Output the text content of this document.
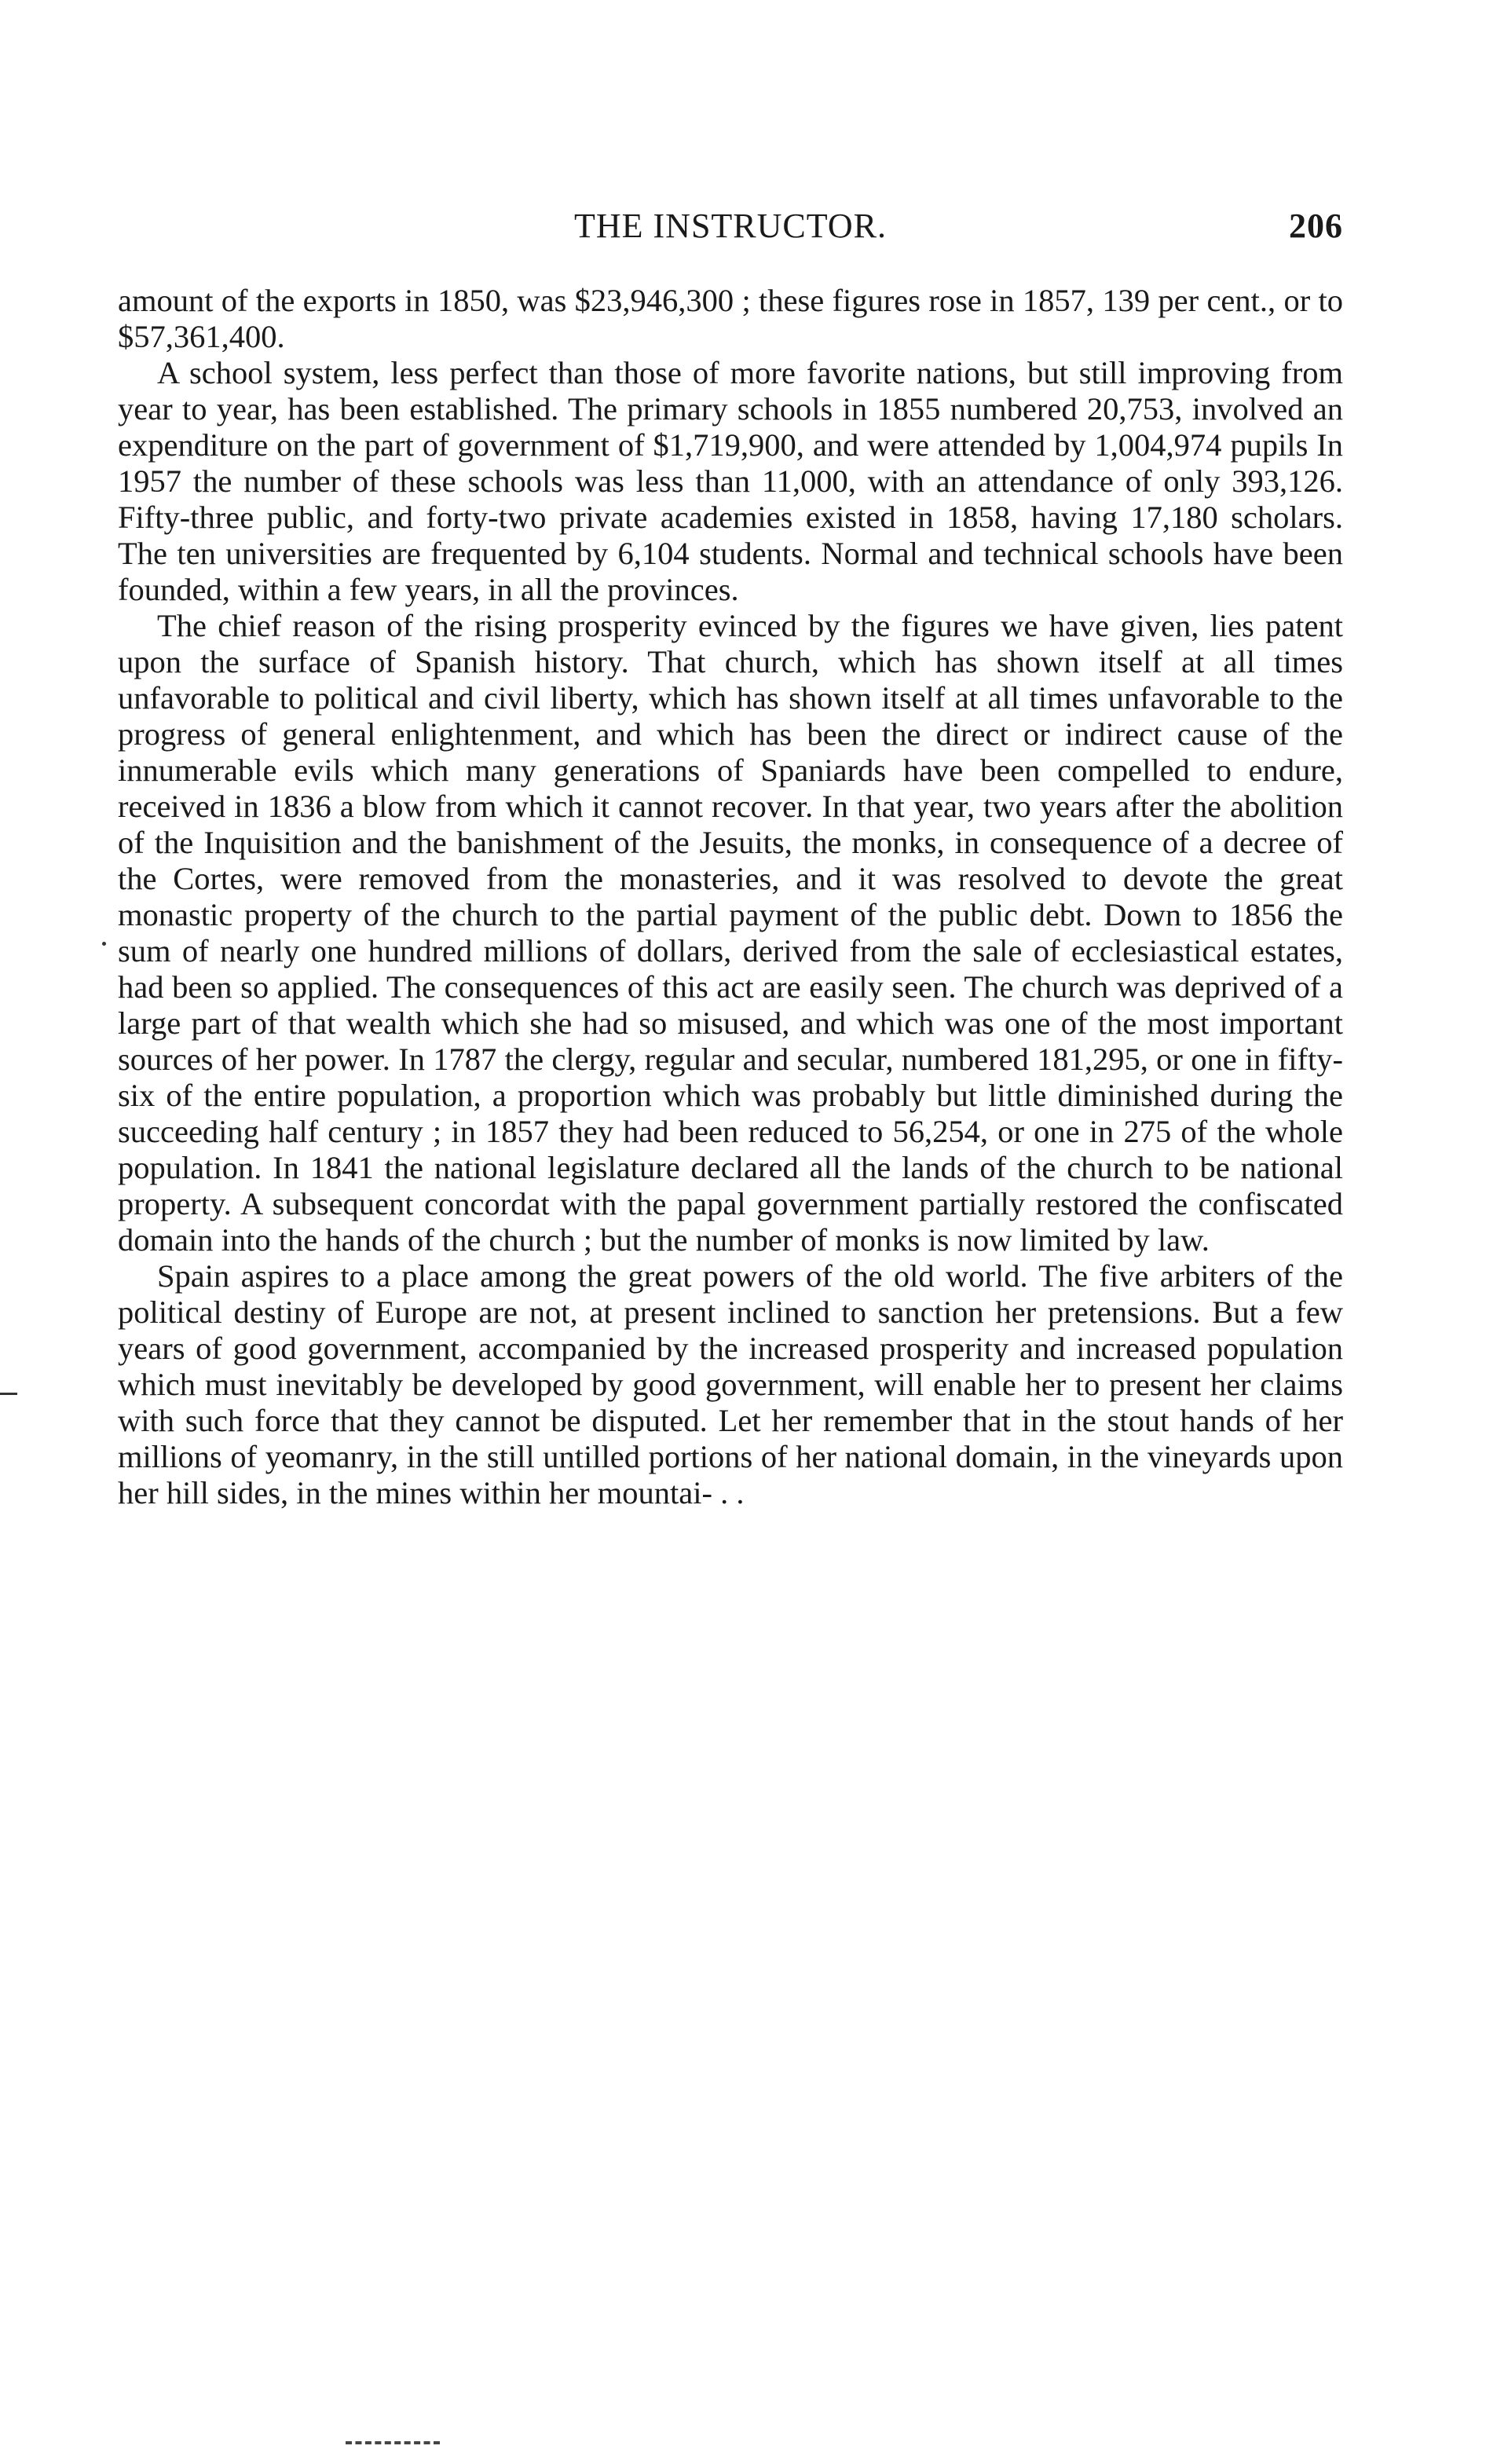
THE INSTRUCTOR.	206

amount of the exports in 1850, was $23,946,300 ; these figures rose in 1857, 139 per cent., or to $57,361,400.

A school system, less perfect than those of more favorite nations, but still improving from year to year, has been established. The primary schools in 1855 numbered 20,753, involved an expenditure on the part of government of $1,719,900, and were attended by 1,004,974 pupils In 1957 the number of these schools was less than 11,000, with an attendance of only 393,126. Fifty-three public, and forty-two private academies existed in 1858, having 17,180 scholars. The ten universities are frequented by 6,104 students. Normal and technical schools have been founded, within a few years, in all the provinces.

The chief reason of the rising prosperity evinced by the figures we have given, lies patent upon the surface of Spanish history. That church, which has shown itself at all times unfavorable to political and civil liberty, which has shown itself at all times unfavorable to the progress of general enlightenment, and which has been the direct or indirect cause of the innumerable evils which many generations of Spaniards have been compelled to endure, received in 1836 a blow from which it cannot recover. In that year, two years after the abolition of the Inquisition and the banishment of the Jesuits, the monks, in consequence of a decree of the Cortes, were removed from the monasteries, and it was resolved to devote the great monastic property of the church to the partial payment of the public debt. Down to 1856 the sum of nearly one hundred millions of dollars, derived from the sale of ecclesiastical estates, had been so applied. The consequences of this act are easily seen. The church was deprived of a large part of that wealth which she had so misused, and which was one of the most important sources of her power. In 1787 the clergy, regular and secular, numbered 181,295, or one in fifty-six of the entire population, a proportion which was probably but little diminished during the succeeding half century ; in 1857 they had been reduced to 56,254, or one in 275 of the whole population. In 1841 the national legislature declared all the lands of the church to be national property. A subsequent concordat with the papal government partially restored the confiscated domain into the hands of the church ; but the number of monks is now limited by law.

Spain aspires to a place among the great powers of the old world. The five arbiters of the political destiny of Europe are not, at present inclined to sanction her pretensions. But a few years of good government, accompanied by the increased prosperity and increased population which must inevitably be developed by good government, will enable her to present her claims with such force that they cannot be disputed. Let her remember that in the stout hands of her millions of yeomanry, in the still untilled portions of her national domain, in the vineyards upon her hill sides, in the mines within her mountai- . .
